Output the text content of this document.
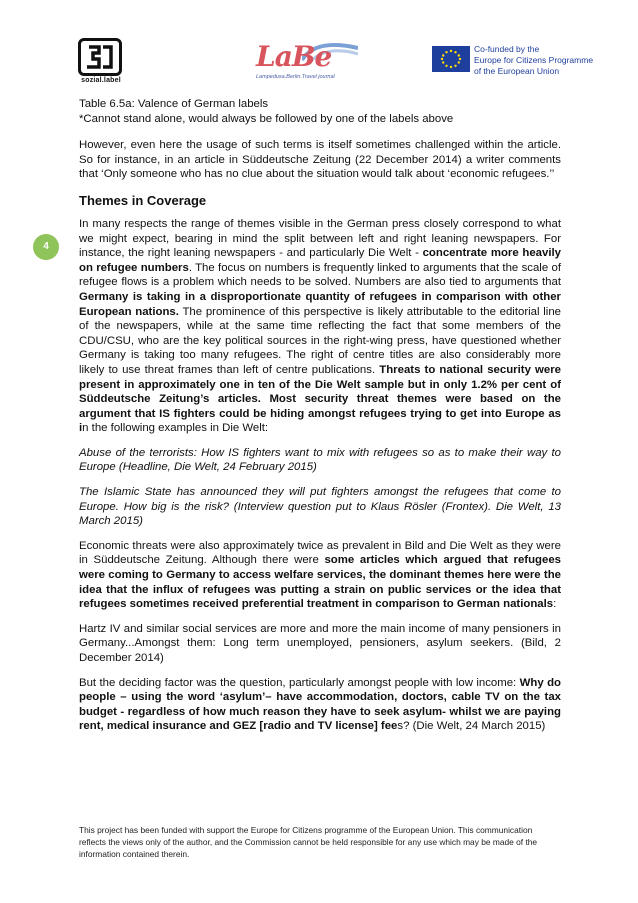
sozial.label
LaBe
Lampedusa.Berlin.Travel journal
Co-funded by the
Europe for Citizens Programme
of the European Union
4

Table 6.5a: Valence of German labels

*Cannot stand alone, would always be followed by one of the labels above

However, even here the usage of such terms is itself sometimes challenged within the article. So for instance, in an article in Süddeutsche Zeitung (22 December 2014) a writer comments that ‘Only someone who has no clue about the situation would talk about ‘economic refugees.’’

Themes in Coverage

In many respects the range of themes visible in the German press closely correspond to what we might expect, bearing in mind the split between left and right leaning newspapers. For instance, the right leaning newspapers - and particularly Die Welt - concentrate more heavily on refugee numbers. The focus on numbers is frequently linked to arguments that the scale of refugee flows is a problem which needs to be solved. Numbers are also tied to arguments that Germany is taking in a disproportionate quantity of refugees in comparison with other European nations. The prominence of this perspective is likely attributable to the editorial line of the newspapers, while at the same time reflecting the fact that some members of the CDU/CSU, who are the key political sources in the right-wing press, have questioned whether Germany is taking too many refugees. The right of centre titles are also considerably more likely to use threat frames than left of centre publications. Threats to national security were present in approximately one in ten of the Die Welt sample but in only 1.2% per cent of Süddeutsche Zeitung’s articles. Most security threat themes were based on the argument that IS fighters could be hiding amongst refugees trying to get into Europe as in the following examples in Die Welt:

Abuse of the terrorists: How IS fighters want to mix with refugees so as to make their way to Europe (Headline, Die Welt, 24 February 2015)

The Islamic State has announced they will put fighters amongst the refugees that come to Europe. How big is the risk? (Interview question put to Klaus Rösler (Frontex). Die Welt, 13 March 2015)

Economic threats were also approximately twice as prevalent in Bild and Die Welt as they were in Süddeutsche Zeitung. Although there were some articles which argued that refugees were coming to Germany to access welfare services, the dominant themes here were the idea that the influx of refugees was putting a strain on public services or the idea that refugees sometimes received preferential treatment in comparison to German nationals:

Hartz IV and similar social services are more and more the main income of many pensioners in Germany...Amongst them: Long term unemployed, pensioners, asylum seekers. (Bild, 2 December 2014)

But the deciding factor was the question, particularly amongst people with low income: Why do people – using the word ‘asylum’– have accommodation, doctors, cable TV on the tax budget - regardless of how much reason they have to seek asylum- whilst we are paying rent, medical insurance and GEZ [radio and TV license] fees? (Die Welt, 24 March 2015)

This project has been funded with support the Europe for Citizens programme of the European Union. This communication reflects the views only of the author, and the Commission cannot be held responsible for any use which may be made of the information contained therein.
